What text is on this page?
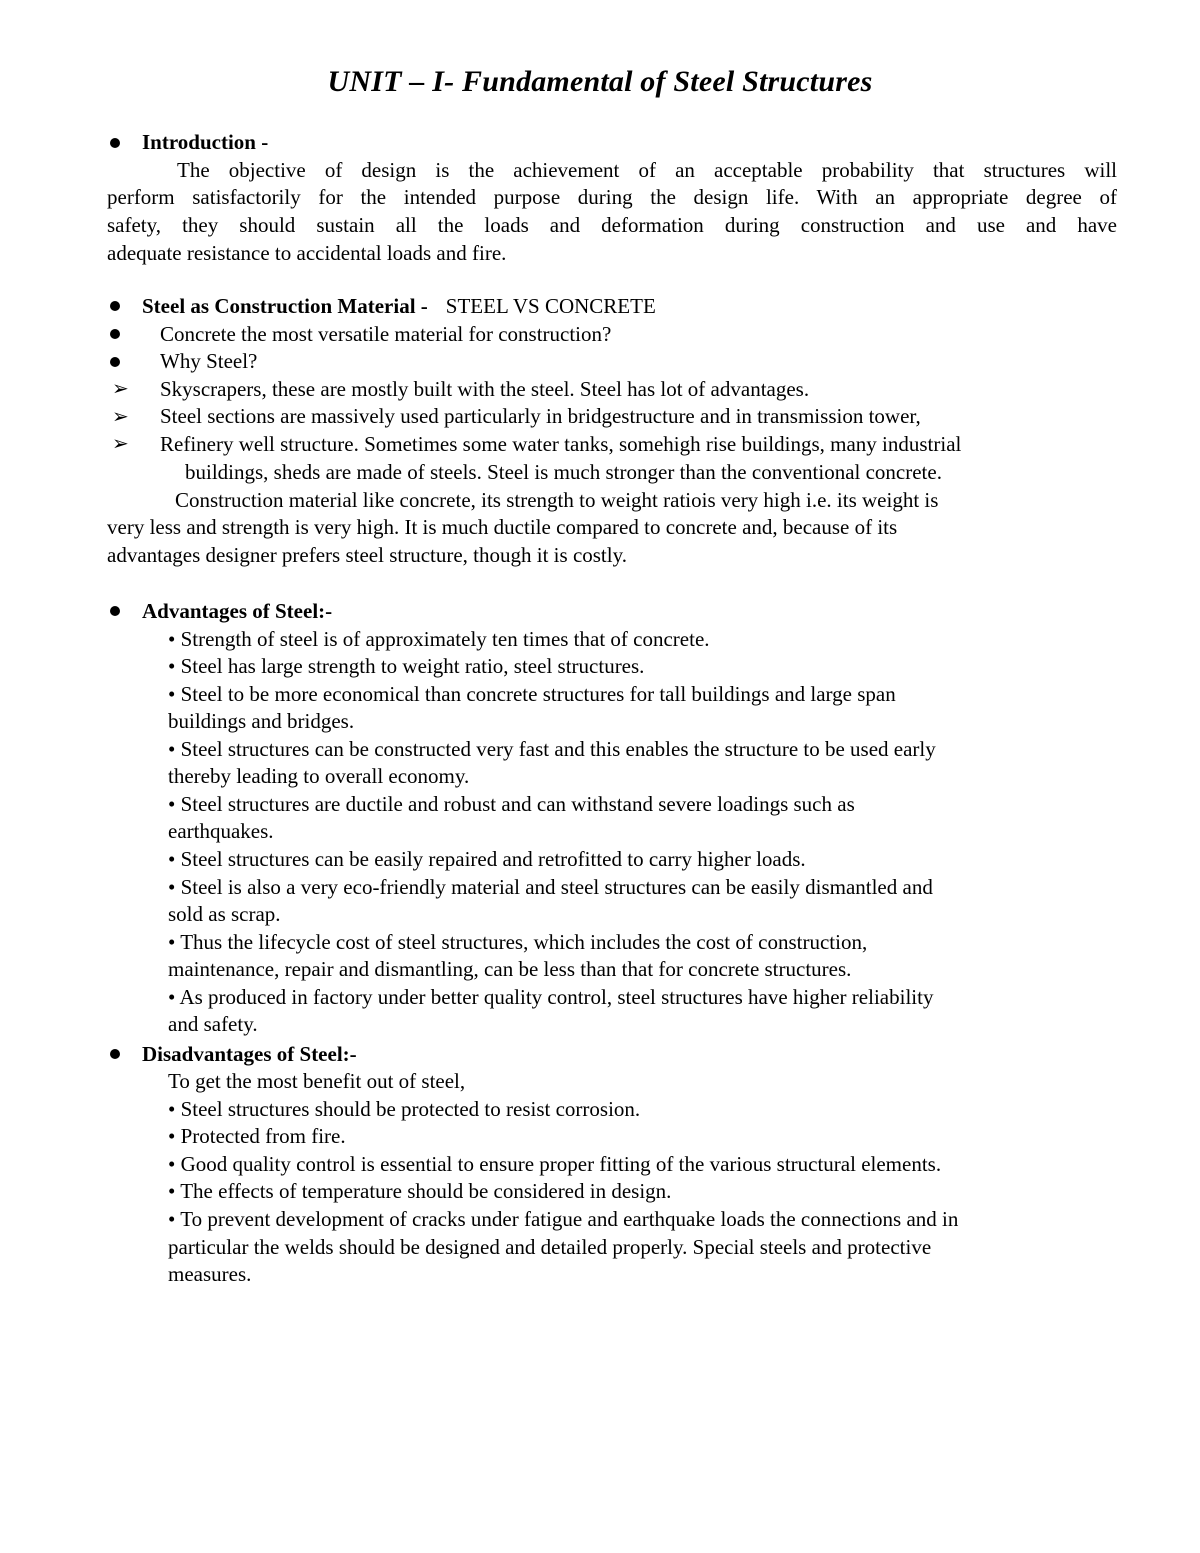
UNIT – I- Fundamental of Steel Structures
Introduction -
The objective of design is the achievement of an acceptable probability that structures will
perform satisfactorily for the intended purpose during the design life. With an appropriate degree of
safety, they should sustain all the loads and deformation during construction and use and have
adequate resistance to accidental loads and fire.
Steel as Construction Material - STEEL VS CONCRETE
Concrete the most versatile material for construction?
Why Steel?
➢ Skyscrapers, these are mostly built with the steel. Steel has lot of advantages.
➢ Steel sections are massively used particularly in bridgestructure and in transmission tower,
➢ Refinery well structure. Sometimes some water tanks, somehigh rise buildings, many industrial
buildings, sheds are made of steels. Steel is much stronger than the conventional concrete.
Construction material like concrete, its strength to weight ratiois very high i.e. its weight is
very less and strength is very high. It is much ductile compared to concrete and, because of its
advantages designer prefers steel structure, though it is costly.
Advantages of Steel:-
• Strength of steel is of approximately ten times that of concrete.
• Steel has large strength to weight ratio, steel structures.
• Steel to be more economical than concrete structures for tall buildings and large span
buildings and bridges.
• Steel structures can be constructed very fast and this enables the structure to be used early
thereby leading to overall economy.
• Steel structures are ductile and robust and can withstand severe loadings such as
earthquakes.
• Steel structures can be easily repaired and retrofitted to carry higher loads.
• Steel is also a very eco-friendly material and steel structures can be easily dismantled and
sold as scrap.
• Thus the lifecycle cost of steel structures, which includes the cost of construction,
maintenance, repair and dismantling, can be less than that for concrete structures.
• As produced in factory under better quality control, steel structures have higher reliability
and safety.
Disadvantages of Steel:-
To get the most benefit out of steel,
• Steel structures should be protected to resist corrosion.
• Protected from fire.
• Good quality control is essential to ensure proper fitting of the various structural elements.
• The effects of temperature should be considered in design.
• To prevent development of cracks under fatigue and earthquake loads the connections and in
particular the welds should be designed and detailed properly. Special steels and protective
measures.
